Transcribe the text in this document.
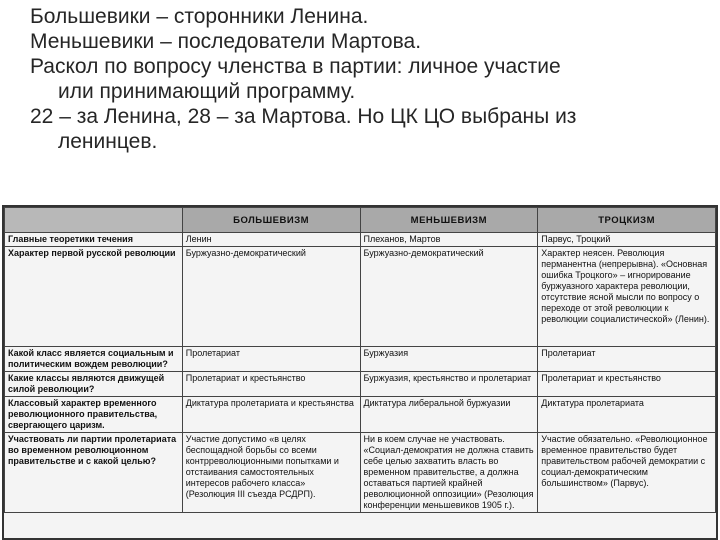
Большевики – сторонники Ленина.
Меньшевики – последователи Мартова.
Раскол по вопросу членства в партии: личное участие
или принимающий программу.
22 – за Ленина, 28 – за Мартова. Но ЦК ЦО выбраны из
ленинцев.
	БОЛЬШЕВИЗМ	МЕНЬШЕВИЗМ	ТРОЦКИЗМ
Главные теоретики течения	Ленин	Плеханов, Мартов	Парвус, Троцкий
Характер первой русской революции	Буржуазно-демократический	Буржуазно-демократический	Характер неясен. Революция перманентна (непрерывна). «Основная ошибка Троцкого» – игнорирование буржуазного характера революции, отсутствие ясной мысли по вопросу о переходе от этой революции к революции социалистической» (Ленин).
Какой класс является социальным и политическим вождем революции?	Пролетариат	Буржуазия	Пролетариат
Какие классы являются движущей силой революции?	Пролетариат и крестьянство	Буржуазия, крестьянство и пролетариат	Пролетариат и крестьянство
Классовый характер временного революционного правительства, свергающего царизм.	Диктатура пролетариата и крестьянства	Диктатура либеральной буржуазии	Диктатура пролетариата
Участвовать ли партии пролетариата во временном революционном правительстве и с какой целью?	Участие допустимо «в целях беспощадной борьбы со всеми контрреволюционными попытками и отстаивания самостоятельных интересов рабочего класса» (Резолюция III съезда РСДРП).	Ни в коем случае не участвовать. «Социал-демократия не должна ставить себе целью захватить власть во временном правительстве, а должна оставаться партией крайней революционной оппозиции» (Резолюция конференции меньшевиков 1905 г.).	Участие обязательно. «Революционное временное правительство будет правительством рабочей демократии с социал-демократическим большинством» (Парвус).
